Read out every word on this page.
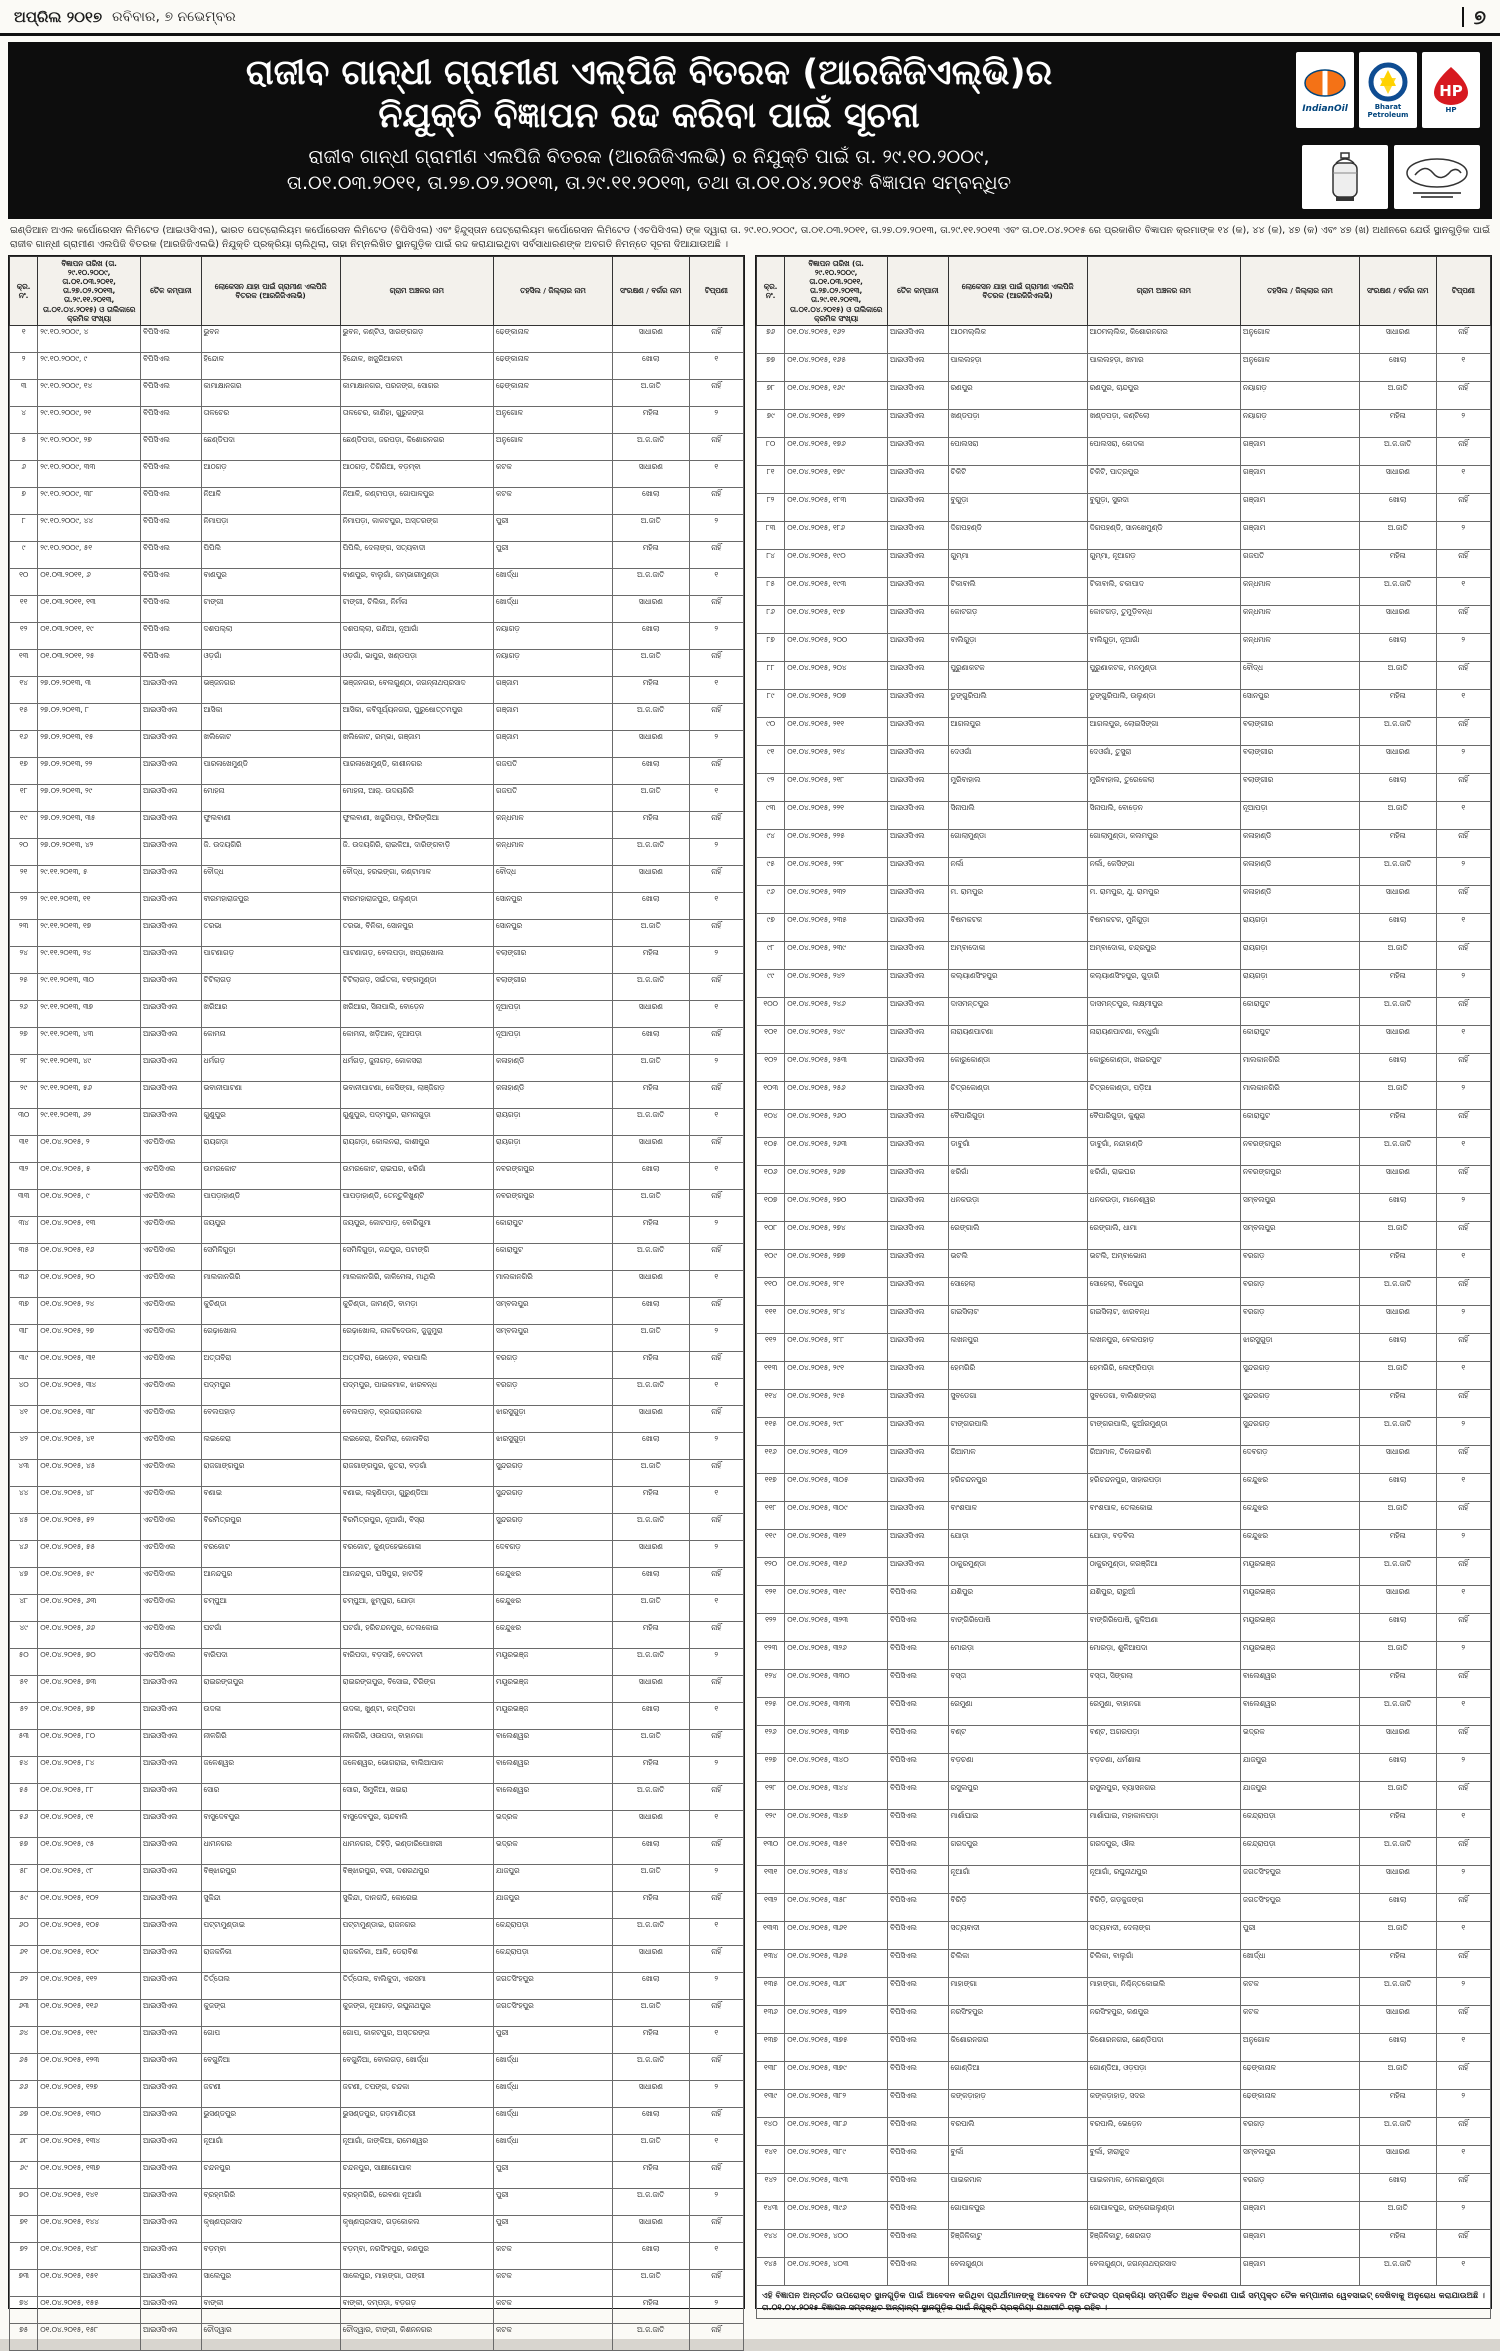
ଅପ୍ରିଲ ୨୦୧୭ ରବିବାର, ୭ ନଭେମ୍ବର	୭
ରାଜୀବ ଗାନ୍ଧୀ ଗ୍ରାମୀଣ ଏଲ୍‌ପିଜି ବିତରକ (ଆରଜିଜିଏଲ୍‌ଭି)ର
ନିଯୁକ୍ତି ବିଜ୍ଞାପନ ରଦ୍ଦ କରିବା ପାଇଁ ସୂଚନା	IndianOil	Bharat Petroleum
HP
HP
ରାଜୀବ ଗାନ୍ଧୀ ଗ୍ରାମୀଣ ଏଲପିଜି ବିତରକ (ଆରଜିଜିଏଲଭି) ର ନିଯୁକ୍ତି ପାଇଁ ତା. ୨୯.୧୦.୨୦୦୯,
ତା.୦୧.୦୩.୨୦୧୧, ତା.୨୭.୦୨.୨୦୧୩, ତା.୨୯.୧୧.୨୦୧୩, ତଥା ତା.୦୧.୦୪.୨୦୧୫ ବିଜ୍ଞାପନ ସମ୍ବନ୍ଧିତ
ଇଣ୍ଡିଆନ ଅଏଲ କର୍ପୋରେସନ ଲିମିଟେଡ (ଆଇଓସିଏଲ), ଭାରତ ପେଟ୍ରୋଲିୟମ କର୍ପୋରେସନ ଲିମିଟେଡ (ବିପିସିଏଲ) ଏବଂ ହିନ୍ଦୁସ୍ତାନ ପେଟ୍ରୋଲିୟମ କର୍ପୋରେସନ ଲିମିଟେଡ (ଏଚପିସିଏଲ) ଙ୍କ ଦ୍ୱାରା ତା. ୨୯.୧୦.୨୦୦୯, ତା.୦୧.୦୩.୨୦୧୧, ତା.୨୭.୦୨.୨୦୧୩, ତା.୨୯.୧୧.୨୦୧୩ ଏବଂ ତା.୦୧.୦୪.୨୦୧୫ ରେ ପ୍ରକାଶିତ ବିଜ୍ଞାପନ କ୍ରମାଙ୍କ ୧୪ (କ), ୪୪ (କ), ୪୭ (କ) ଏବଂ ୪୭ (ଖ) ଅଧୀନରେ ଯେଉଁ ସ୍ଥାନଗୁଡ଼ିକ ପାଇଁ ରାଜୀବ ଗାନ୍ଧୀ ଗ୍ରାମୀଣ ଏଲପିଜି ବିତରକ (ଆରଜିଜିଏଲଭି) ନିଯୁକ୍ତି ପ୍ରକ୍ରିୟା ଚାଲିଥିଲା, ତାହା ନିମ୍ନଲିଖିତ ସ୍ଥାନଗୁଡ଼ିକ ପାଇଁ ରଦ୍ଦ କରାଯାଇଥିବା ସର୍ବସାଧାରଣଙ୍କ ଅବଗତି ନିମନ୍ତେ ସୂଚନା ଦିଆଯାଉଅଛି ।
କ୍ର. ନଂ.	ବିଜ୍ଞାପନ ତାରିଖ (ତା. ୨୯.୧୦.୨୦୦୯, ତା.୦୧.୦୩.୨୦୧୧, ତା.୨୭.୦୨.୨୦୧୩, ତା.୨୯.୧୧.୨୦୧୩, ତା.୦୧.୦୪.୨୦୧୫) ଓ ତାଲିକାରେ କ୍ରମିକ ସଂଖ୍ୟା	ତୈଳ କମ୍ପାନୀ	ଲୋକେସନ ଯାହା ପାଇଁ ଗ୍ରାମୀଣ ଏଲପିଜି ବିତରକ (ଆରଜିଜିଏଲଭି)	ଗ୍ରାମ ଅଞ୍ଚଳର ନାମ	ତହସିଲ / ଜିଲ୍ଲାର ନାମ	ସଂରକ୍ଷଣ / ବର୍ଗର ନାମ	ଟିପ୍ପଣୀ
୧	୨୯.୧୦.୨୦୦୯, ୪	ବିପିସିଏଲ	ଭୁବନ	ଭୁବନ, କଣ୍ଟିଓ, ସାରଙ୍ଗଗଡ଼	ଢେଙ୍କାନାଳ	ସାଧାରଣ	ନାହିଁ
୨	୨୯.୧୦.୨୦୦୯, ୯	ବିପିସିଏଲ	ହିନ୍ଦୋଳ	ହିନ୍ଦୋଳ, ଖଜୁରିଆକଟା	ଢେଙ୍କାନାଳ	ଖୋଲା	୧
୩	୨୯.୧୦.୨୦୦୯, ୧୪	ବିପିସିଏଲ	କାମାକ୍ଷାନଗର	କାମାକ୍ଷାନଗର, ପରଜଙ୍ଗ, ସୋଗର	ଢେଙ୍କାନାଳ	ଅ.ଜାତି	ନାହିଁ
୪	୨୯.୧୦.୨୦୦୯, ୨୧	ବିପିସିଏଲ	ତାଳଚେର	ତାଳଚେର, କାଣିହା, ଗୁରୁଜଙ୍ଗ	ଅନୁଗୋଳ	ମହିଳା	୨
୫	୨୯.୧୦.୨୦୦୯, ୨୭	ବିପିସିଏଲ	ଛେଣ୍ଡିପଦା	ଛେଣ୍ଡିପଦା, ଜରପଡ଼ା, କିଶୋରନଗର	ଅନୁଗୋଳ	ଅ.ଜ.ଜାତି	ନାହିଁ
୬	୨୯.୧୦.୨୦୦୯, ୩୩	ବିପିସିଏଲ	ଆଠଗଡ଼	ଆଠଗଡ଼, ତିଗିରିଆ, ବଡ଼ମ୍ବା	କଟକ	ସାଧାରଣ	୧
୭	୨୯.୧୦.୨୦୦୯, ୩୮	ବିପିସିଏଲ	ନିଆଳି	ନିଆଳି, କଣ୍ଟାପଡ଼ା, ଗୋପାଳପୁର	କଟକ	ଖୋଲା	ନାହିଁ
୮	୨୯.୧୦.୨୦୦୯, ୪୪	ବିପିସିଏଲ	ନିମାପଡ଼ା	ନିମାପଡ଼ା, କାକଟପୁର, ଅସ୍ତରଙ୍ଗ	ପୁରୀ	ଅ.ଜାତି	୨
୯	୨୯.୧୦.୨୦୦୯, ୫୧	ବିପିସିଏଲ	ପିପିଲି	ପିପିଲି, ଦେଲାଙ୍ଗ, ସତ୍ୟବାଦୀ	ପୁରୀ	ମହିଳା	ନାହିଁ
୧୦	୦୧.୦୩.୨୦୧୧, ୬	ବିପିସିଏଲ	ବାଣପୁର	ବାଣପୁର, ବାଲୁଗାଁ, ଗମ୍ଭାରୀମୁଣ୍ଡା	ଖୋର୍ଦ୍ଧା	ଅ.ଜ.ଜାତି	୧
୧୧	୦୧.୦୩.୨୦୧୧, ୧୩	ବିପିସିଏଲ	ଟାଙ୍ଗୀ	ଟାଙ୍ଗୀ, ଚିଲିକା, ନିର୍ମଳା	ଖୋର୍ଦ୍ଧା	ସାଧାରଣ	ନାହିଁ
୧୨	୦୧.୦୩.୨୦୧୧, ୧୯	ବିପିସିଏଲ	ଦଶପଲ୍ଲା	ଦଶପଲ୍ଲା, ଗଣିଆ, ନୂଆଗାଁ	ନୟାଗଡ଼	ଖୋଲା	୨
୧୩	୦୧.୦୩.୨୦୧୧, ୨୫	ବିପିସିଏଲ	ଓଡ଼ଗାଁ	ଓଡ଼ଗାଁ, ଭାପୁର, ଖଣ୍ଡପଡ଼ା	ନୟାଗଡ଼	ଅ.ଜାତି	ନାହିଁ
୧୪	୨୭.୦୨.୨୦୧୩, ୩	ଆଇଓସିଏଲ	ଭଞ୍ଜନଗର	ଭଞ୍ଜନଗର, ବେଲଗୁଣ୍ଠା, ଜଗନ୍ନାଥପ୍ରସାଦ	ଗଞ୍ଜାମ	ମହିଳା	୧
୧୫	୨୭.୦୨.୨୦୧୩, ୮	ଆଇଓସିଏଲ	ଆସିକା	ଆସିକା, କବିସୂର୍ଯ୍ୟନଗର, ପୁରୁଷୋତ୍ତମପୁର	ଗଞ୍ଜାମ	ଅ.ଜ.ଜାତି	ନାହିଁ
୧୬	୨୭.୦୨.୨୦୧୩, ୧୫	ଆଇଓସିଏଲ	ଖଲିକୋଟ	ଖଲିକୋଟ, ରମ୍ଭା, ଗଞ୍ଜାମ	ଗଞ୍ଜାମ	ସାଧାରଣ	୨
୧୭	୨୭.୦୨.୨୦୧୩, ୨୨	ଆଇଓସିଏଲ	ପାରଳାଖେମୁଣ୍ଡି	ପାରଳାଖେମୁଣ୍ଡି, କାଶୀନଗର	ଗଜପତି	ଖୋଲା	ନାହିଁ
୧୮	୨୭.୦୨.୨୦୧୩, ୨୯	ଆଇଓସିଏଲ	ମୋହନା	ମୋହନା, ଆର୍. ଉଦୟଗିରି	ଗଜପତି	ଅ.ଜାତି	୧
୧୯	୨୭.୦୨.୨୦୧୩, ୩୫	ଆଇଓସିଏଲ	ଫୁଲବାଣୀ	ଫୁଲବାଣୀ, ଖଜୁରିପଡ଼ା, ଫିରିଙ୍ଗିଆ	କନ୍ଧମାଳ	ମହିଳା	ନାହିଁ
୨୦	୨୭.୦୨.୨୦୧୩, ୪୨	ଆଇଓସିଏଲ	ଜି. ଉଦୟଗିରି	ଜି. ଉଦୟଗିରି, ରାଇକିଆ, ଦାରିଙ୍ଗବାଡ଼ି	କନ୍ଧମାଳ	ଅ.ଜ.ଜାତି	୨
୨୧	୨୯.୧୧.୨୦୧୩, ୫	ଆଇଓସିଏଲ	ବୌଦ୍ଧ	ବୌଦ୍ଧ, ହରଭଙ୍ଗା, କଣ୍ଟାମାଳ	ବୌଦ୍ଧ	ସାଧାରଣ	ନାହିଁ
୨୨	୨୯.୧୧.୨୦୧୩, ୧୧	ଆଇଓସିଏଲ	ବୀରମହାରାଜପୁର	ବୀରମହାରାଜପୁର, ଉଲୁଣ୍ଡା	ସୋନପୁର	ଖୋଲା	୧
୨୩	୨୯.୧୧.୨୦୧୩, ୧୭	ଆଇଓସିଏଲ	ତରଭା	ତରଭା, ବିନିକା, ସୋନପୁର	ସୋନପୁର	ଅ.ଜାତି	ନାହିଁ
୨୪	୨୯.୧୧.୨୦୧୩, ୨୪	ଆଇଓସିଏଲ	ପାଟଣାଗଡ଼	ପାଟଣାଗଡ଼, ବେଲପଡ଼ା, ଖପ୍ରାଖୋଲ	ବଲାଙ୍ଗୀର	ମହିଳା	୨
୨୫	୨୯.୧୧.୨୦୧୩, ୩୦	ଆଇଓସିଏଲ	ଟିଟିଲାଗଡ଼	ଟିଟିଲାଗଡ଼, ସଇଁତଳା, ବଙ୍ଗମୁଣ୍ଡା	ବଲାଙ୍ଗୀର	ଅ.ଜ.ଜାତି	ନାହିଁ
୨୬	୨୯.୧୧.୨୦୧୩, ୩୭	ଆଇଓସିଏଲ	ଖରିଆର	ଖରିଆର, ସିନାପାଲି, ବୋଡ଼େନ	ନୂଆପଡ଼ା	ସାଧାରଣ	୧
୨୭	୨୯.୧୧.୨୦୧୩, ୪୩	ଆଇଓସିଏଲ	କୋମନା	କୋମନା, ଖଡ଼ିଆଳ, ନୂଆପଡ଼ା	ନୂଆପଡ଼ା	ଖୋଲା	ନାହିଁ
୨୮	୨୯.୧୧.୨୦୧୩, ୪୯	ଆଇଓସିଏଲ	ଧର୍ମଗଡ଼	ଧର୍ମଗଡ଼, ଜୁନାଗଡ଼, କୋକସରା	କଳାହାଣ୍ଡି	ଅ.ଜାତି	୨
୨୯	୨୯.୧୧.୨୦୧୩, ୫୬	ଆଇଓସିଏଲ	ଭବାନୀପାଟଣା	ଭବାନୀପାଟଣା, କେସିଙ୍ଗା, ଲାଞ୍ଜିଗଡ଼	କଳାହାଣ୍ଡି	ମହିଳା	ନାହିଁ
୩୦	୨୯.୧୧.୨୦୧୩, ୬୨	ଆଇଓସିଏଲ	ଗୁଣୁପୁର	ଗୁଣୁପୁର, ପଦ୍ମପୁର, ରାମନାଗୁଡ଼ା	ରାୟଗଡ଼ା	ଅ.ଜ.ଜାତି	୧
୩୧	୦୧.୦୪.୨୦୧୫, ୨	ଏଚପିସିଏଲ	ରାୟଗଡ଼ା	ରାୟଗଡ଼ା, କୋଲନରା, କାଶୀପୁର	ରାୟଗଡ଼ା	ସାଧାରଣ	ନାହିଁ
୩୨	୦୧.୦୪.୨୦୧୫, ୫	ଏଚପିସିଏଲ	ଉମରକୋଟ	ଉମରକୋଟ, ରାଇଘର, ଝରିଗାଁ	ନବରଙ୍ଗପୁର	ଖୋଲା	୧
୩୩	୦୧.୦୪.୨୦୧୫, ୯	ଏଚପିସିଏଲ	ପାପଡ଼ାହାଣ୍ଡି	ପାପଡ଼ାହାଣ୍ଡି, ତେନ୍ତୁଳିଖୁଣ୍ଟି	ନବରଙ୍ଗପୁର	ଅ.ଜାତି	ନାହିଁ
୩୪	୦୧.୦୪.୨୦୧୫, ୧୩	ଏଚପିସିଏଲ	ଜୟପୁର	ଜୟପୁର, କୋଟପାଡ଼, ବୋରିଗୁମା	କୋରାପୁଟ	ମହିଳା	୨
୩୫	୦୧.୦୪.୨୦୧୫, ୧୬	ଏଚପିସିଏଲ	ସେମିଳିଗୁଡ଼ା	ସେମିଳିଗୁଡ଼ା, ନନ୍ଦପୁର, ପଟାଙ୍ଗି	କୋରାପୁଟ	ଅ.ଜ.ଜାତି	ନାହିଁ
୩୬	୦୧.୦୪.୨୦୧୫, ୨୦	ଏଚପିସିଏଲ	ମାଲକାନଗିରି	ମାଲକାନଗିରି, କାଳିମେଳା, ମାଥିଲି	ମାଲକାନଗିରି	ସାଧାରଣ	୧
୩୭	୦୧.୦୪.୨୦୧୫, ୨୪	ଏଚପିସିଏଲ	କୁଚିଣ୍ଡା	କୁଚିଣ୍ଡା, ଜାମଣ୍ଡି, ବାମଡ଼ା	ସମ୍ବଲପୁର	ଖୋଲା	ନାହିଁ
୩୮	୦୧.୦୪.୨୦୧୫, ୨୭	ଏଚପିସିଏଲ	ରେଢ଼ାଖୋଲ	ରେଢ଼ାଖୋଲ, ନାକଟିଦେଉଳ, ଜୁଜୁମୁରା	ସମ୍ବଲପୁର	ଅ.ଜାତି	୨
୩୯	୦୧.୦୪.୨୦୧୫, ୩୧	ଏଚପିସିଏଲ	ଅତ୍ତାବିରା	ଅତ୍ତାବିରା, ଭେଡ଼େନ, ବରପାଲି	ବରଗଡ଼	ମହିଳା	ନାହିଁ
୪୦	୦୧.୦୪.୨୦୧୫, ୩୪	ଏଚପିସିଏଲ	ପଦ୍ମପୁର	ପଦ୍ମପୁର, ପାଇକମାଳ, ଝାରବନ୍ଧ	ବରଗଡ଼	ଅ.ଜ.ଜାତି	୧
୪୧	୦୧.୦୪.୨୦୧୫, ୩୮	ଏଚପିସିଏଲ	ବେଲପହାଡ଼	ବେଲପହାଡ଼, ବ୍ରଜରାଜନଗର	ଝାରସୁଗୁଡ଼ା	ସାଧାରଣ	ନାହିଁ
୪୨	୦୧.୦୪.୨୦୧୫, ୪୧	ଏଚପିସିଏଲ	ଲଇକେରା	ଲଇକେରା, କିରମିରା, କୋଳାବିରା	ଝାରସୁଗୁଡ଼ା	ଖୋଲା	୨
୪୩	୦୧.୦୪.୨୦୧୫, ୪୫	ଏଚପିସିଏଲ	ରାଜଗାଙ୍ଗପୁର	ରାଜଗାଙ୍ଗପୁର, କୁତରା, ବଡ଼ଗାଁ	ସୁନ୍ଦରଗଡ଼	ଅ.ଜାତି	ନାହିଁ
୪୪	୦୧.୦୪.୨୦୧୫, ୪୮	ଏଚପିସିଏଲ	ବଣାଇ	ବଣାଇ, ଲହୁଣିପଡ଼ା, ଗୁରୁଣ୍ଡିଆ	ସୁନ୍ଦରଗଡ଼	ମହିଳା	୧
୪୫	୦୧.୦୪.୨୦୧୫, ୫୨	ଏଚପିସିଏଲ	ବିରମିତ୍ରପୁର	ବିରମିତ୍ରପୁର, ନୂଆଗାଁ, ବିସ୍ରା	ସୁନ୍ଦରଗଡ଼	ଅ.ଜ.ଜାତି	ନାହିଁ
୪୬	୦୧.୦୪.୨୦୧୫, ୫୫	ଏଚପିସିଏଲ	ବରକୋଟ	ବରକୋଟ, କୁଣ୍ଡହେଇଗୋଳା	ଦେବଗଡ଼	ସାଧାରଣ	୨
୪୭	୦୧.୦୪.୨୦୧୫, ୫୯	ଏଚପିସିଏଲ	ଆନନ୍ଦପୁର	ଆନନ୍ଦପୁର, ଘସିପୁରା, ହାଟଡିହି	କେନ୍ଦୁଝର	ଖୋଲା	ନାହିଁ
୪୮	୦୧.୦୪.୨୦୧୫, ୬୩	ଏଚପିସିଏଲ	ଚମ୍ପୁଆ	ଚମ୍ପୁଆ, ଝୁମ୍ପୁରା, ଯୋଡ଼ା	କେନ୍ଦୁଝର	ଅ.ଜାତି	୧
୪୯	୦୧.୦୪.୨୦୧୫, ୬୬	ଏଚପିସିଏଲ	ଘଟଗାଁ	ଘଟଗାଁ, ହରିଚନ୍ଦନପୁର, ତେଲକୋଇ	କେନ୍ଦୁଝର	ମହିଳା	ନାହିଁ
୫୦	୦୧.୦୪.୨୦୧୫, ୭୦	ଏଚପିସିଏଲ	ବାରିପଦା	ବାରିପଦା, ବଡ଼ସାହି, ବେତନଟୀ	ମୟୂରଭଞ୍ଜ	ଅ.ଜ.ଜାତି	୨
୫୧	୦୧.୦୪.୨୦୧୫, ୭୩	ଆଇଓସିଏଲ	ରାଇରଙ୍ଗପୁର	ରାଇରଙ୍ଗପୁର, ବିସୋଇ, ଟିରିଙ୍ଗ	ମୟୂରଭଞ୍ଜ	ସାଧାରଣ	ନାହିଁ
୫୨	୦୧.୦୪.୨୦୧୫, ୭୭	ଆଇଓସିଏଲ	ଉଦଳା	ଉଦଳା, ଖୁଣ୍ଟା, କପ୍ତିପଦା	ମୟୂରଭଞ୍ଜ	ଖୋଲା	୧
୫୩	୦୧.୦୪.୨୦୧୫, ୮୦	ଆଇଓସିଏଲ	ନୀଳଗିରି	ନୀଳଗିରି, ଓଉପଦା, ବାହାନଗା	ବାଲେଶ୍ୱର	ଅ.ଜାତି	ନାହିଁ
୫୪	୦୧.୦୪.୨୦୧୫, ୮୪	ଆଇଓସିଏଲ	ଜଳେଶ୍ୱର	ଜଳେଶ୍ୱର, ଭୋଗରାଇ, ବାଲିଆପାଳ	ବାଲେଶ୍ୱର	ମହିଳା	୨
୫୫	୦୧.୦୪.୨୦୧୫, ୮୮	ଆଇଓସିଏଲ	ସୋର	ସୋର, ସିମୁଳିଆ, ଖଇରା	ବାଲେଶ୍ୱର	ଅ.ଜ.ଜାତି	ନାହିଁ
୫୬	୦୧.୦୪.୨୦୧୫, ୯୧	ଆଇଓସିଏଲ	ବାସୁଦେବପୁର	ବାସୁଦେବପୁର, ଚାନ୍ଦବାଲି	ଭଦ୍ରକ	ସାଧାରଣ	୧
୫୭	୦୧.୦୪.୨୦୧୫, ୯୫	ଆଇଓସିଏଲ	ଧାମନଗର	ଧାମନଗର, ତିହିଡ଼ି, ଭଣ୍ଡାରିପୋଖରୀ	ଭଦ୍ରକ	ଖୋଲା	ନାହିଁ
୫୮	୦୧.୦୪.୨୦୧୫, ୯୮	ଆଇଓସିଏଲ	ବିଞ୍ଝାରପୁର	ବିଞ୍ଝାରପୁର, ବରୀ, ଦଶରଥପୁର	ଯାଜପୁର	ଅ.ଜାତି	୨
୫୯	୦୧.୦୪.୨୦୧୫, ୧୦୨	ଆଇଓସିଏଲ	ସୁକିନ୍ଦା	ସୁକିନ୍ଦା, ଦାନଗଦି, କୋରେଇ	ଯାଜପୁର	ମହିଳା	ନାହିଁ
୬୦	୦୧.୦୪.୨୦୧୫, ୧୦୫	ଆଇଓସିଏଲ	ପଟ୍ଟାମୁଣ୍ଡାଇ	ପଟ୍ଟାମୁଣ୍ଡାଇ, ରାଜନଗର	କେନ୍ଦ୍ରାପଡ଼ା	ଅ.ଜ.ଜାତି	୧
୬୧	୦୧.୦୪.୨୦୧୫, ୧୦୯	ଆଇଓସିଏଲ	ରାଜକନିକା	ରାଜକନିକା, ଆଳି, ଡେରାବିଶ	କେନ୍ଦ୍ରାପଡ଼ା	ସାଧାରଣ	ନାହିଁ
୬୨	୦୧.୦୪.୨୦୧୫, ୧୧୨	ଆଇଓସିଏଲ	ତିର୍ତ୍ତୋଲ	ତିର୍ତ୍ତୋଲ, ବାଲିକୁଦା, ଏରସମା	ଜଗତସିଂହପୁର	ଖୋଲା	୨
୬୩	୦୧.୦୪.୨୦୧୫, ୧୧୬	ଆଇଓସିଏଲ	କୁଜଙ୍ଗ	କୁଜଙ୍ଗ, ନୂଆଗଡ଼, ରଘୁନାଥପୁର	ଜଗତସିଂହପୁର	ଅ.ଜାତି	ନାହିଁ
୬୪	୦୧.୦୪.୨୦୧୫, ୧୧୯	ଆଇଓସିଏଲ	ଗୋପ	ଗୋପ, କାକଟପୁର, ଅସ୍ତରଙ୍ଗ	ପୁରୀ	ମହିଳା	୧
୬୫	୦୧.୦୪.୨୦୧୫, ୧୨୩	ଆଇଓସିଏଲ	ବେଗୁନିଆ	ବେଗୁନିଆ, ବୋଲଗଡ଼, ଖୋର୍ଦ୍ଧା	ଖୋର୍ଦ୍ଧା	ଅ.ଜ.ଜାତି	ନାହିଁ
୬୬	୦୧.୦୪.୨୦୧୫, ୧୨୭	ଆଇଓସିଏଲ	ଜଟଣୀ	ଜଟଣୀ, ତପଙ୍ଗ, ଚନ୍ଦକା	ଖୋର୍ଦ୍ଧା	ସାଧାରଣ	୨
୬୭	୦୧.୦୪.୨୦୧୫, ୧୩୦	ଆଇଓସିଏଲ	ଭୁସଣ୍ଡପୁର	ଭୁସଣ୍ଡପୁର, ଗଡ଼ମାଣିତ୍ରୀ	ଖୋର୍ଦ୍ଧା	ଖୋଲା	ନାହିଁ
୬୮	୦୧.୦୪.୨୦୧୫, ୧୩୪	ଆଇଓସିଏଲ	ନୂଆଗାଁ	ନୂଆଗାଁ, ଜାଙ୍କିଆ, ରାମେଶ୍ୱର	ଖୋର୍ଦ୍ଧା	ଅ.ଜାତି	୧
୬୯	୦୧.୦୪.୨୦୧୫, ୧୩୭	ଆଇଓସିଏଲ	ଚନ୍ଦନପୁର	ଚନ୍ଦନପୁର, ସାକ୍ଷୀଗୋପାଳ	ପୁରୀ	ମହିଳା	ନାହିଁ
୭୦	୦୧.୦୪.୨୦୧୫, ୧୪୧	ଆଇଓସିଏଲ	ବ୍ରହ୍ମଗିରି	ବ୍ରହ୍ମଗିରି, ରେବଣା ନୂଆଗାଁ	ପୁରୀ	ଅ.ଜ.ଜାତି	୨
୭୧	୦୧.୦୪.୨୦୧୫, ୧୪୪	ଆଇଓସିଏଲ	କୃଷ୍ଣପ୍ରସାଦ	କୃଷ୍ଣପ୍ରସାଦ, ଗଡ଼କୋକଲ	ପୁରୀ	ସାଧାରଣ	ନାହିଁ
୭୨	୦୧.୦୪.୨୦୧୫, ୧୪୮	ଆଇଓସିଏଲ	ବଡ଼ମ୍ବା	ବଡ଼ମ୍ବା, ନରସିଂହପୁର, କଣପୁର	କଟକ	ଖୋଲା	୧
୭୩	୦୧.୦୪.୨୦୧୫, ୧୫୧	ଆଇଓସିଏଲ	ସାଲେପୁର	ସାଲେପୁର, ମାହାଙ୍ଗା, ତାଙ୍ଗୀ	କଟକ	ଅ.ଜାତି	ନାହିଁ
୭୪	୦୧.୦୪.୨୦୧୫, ୧୫୫	ଆଇଓସିଏଲ	ବାଙ୍କୀ	ବାଙ୍କୀ, ଦମ୍ପଡ଼ା, ବଡ଼ଗଡ଼	କଟକ	ମହିଳା	୨
୭୫	୦୧.୦୪.୨୦୧୫, ୧୫୮	ଆଇଓସିଏଲ	ଚୌଦ୍ୱାର	ଚୌଦ୍ୱାର, ଟାଙ୍ଗୀ, କିଶନନଗର	କଟକ	ଅ.ଜ.ଜାତି	ନାହିଁ
କ୍ର. ନଂ.	ବିଜ୍ଞାପନ ତାରିଖ (ତା. ୨୯.୧୦.୨୦୦୯, ତା.୦୧.୦୩.୨୦୧୧, ତା.୨୭.୦୨.୨୦୧୩, ତା.୨୯.୧୧.୨୦୧୩, ତା.୦୧.୦୪.୨୦୧୫) ଓ ତାଲିକାରେ କ୍ରମିକ ସଂଖ୍ୟା	ତୈଳ କମ୍ପାନୀ	ଲୋକେସନ ଯାହା ପାଇଁ ଗ୍ରାମୀଣ ଏଲପିଜି ବିତରକ (ଆରଜିଜିଏଲଭି)	ଗ୍ରାମ ଅଞ୍ଚଳର ନାମ	ତହସିଲ / ଜିଲ୍ଲାର ନାମ	ସଂରକ୍ଷଣ / ବର୍ଗର ନାମ	ଟିପ୍ପଣୀ
୭୬	୦୧.୦୪.୨୦୧୫, ୧୬୨	ଆଇଓସିଏଲ	ଆଠମଲ୍ଲିକ	ଆଠମଲ୍ଲିକ, କିଶୋରନଗର	ଅନୁଗୋଳ	ସାଧାରଣ	ନାହିଁ
୭୭	୦୧.୦୪.୨୦୧୫, ୧୬୫	ଆଇଓସିଏଲ	ପାଲଲହଡ଼ା	ପାଲଲହଡ଼ା, ଖମାର	ଅନୁଗୋଳ	ଖୋଲା	୧
୭୮	୦୧.୦୪.୨୦୧୫, ୧୬୯	ଆଇଓସିଏଲ	ରଣପୁର	ରଣପୁର, ଚାନ୍ଦପୁର	ନୟାଗଡ଼	ଅ.ଜାତି	ନାହିଁ
୭୯	୦୧.୦୪.୨୦୧୫, ୧୭୨	ଆଇଓସିଏଲ	ଖଣ୍ଡପଡ଼ା	ଖଣ୍ଡପଡ଼ା, କଣ୍ଟିଲୋ	ନୟାଗଡ଼	ମହିଳା	୨
୮୦	୦୧.୦୪.୨୦୧୫, ୧୭୬	ଆଇଓସିଏଲ	ପୋଲସରା	ପୋଲସରା, କୋଦଳା	ଗଞ୍ଜାମ	ଅ.ଜ.ଜାତି	ନାହିଁ
୮୧	୦୧.୦୪.୨୦୧୫, ୧୭୯	ଆଇଓସିଏଲ	ଚିକିଟି	ଚିକିଟି, ପାତ୍ରପୁର	ଗଞ୍ଜାମ	ସାଧାରଣ	୧
୮୨	୦୧.୦୪.୨୦୧୫, ୧୮୩	ଆଇଓସିଏଲ	ବୁଗୁଡ଼ା	ବୁଗୁଡ଼ା, ସୁରଦା	ଗଞ୍ଜାମ	ଖୋଲା	ନାହିଁ
୮୩	୦୧.୦୪.୨୦୧୫, ୧୮୬	ଆଇଓସିଏଲ	ଦିଗପହଣ୍ଡି	ଦିଗପହଣ୍ଡି, ସାନଖେମୁଣ୍ଡି	ଗଞ୍ଜାମ	ଅ.ଜାତି	୨
୮୪	୦୧.୦୪.୨୦୧୫, ୧୯୦	ଆଇଓସିଏଲ	ଗୁମ୍ମା	ଗୁମ୍ମା, ନୂଆଗଡ଼	ଗଜପତି	ମହିଳା	ନାହିଁ
୮୫	୦୧.୦୪.୨୦୧୫, ୧୯୩	ଆଇଓସିଏଲ	ଟିକାବାଲି	ଟିକାବାଲି, ଚକାପାଦ	କନ୍ଧମାଳ	ଅ.ଜ.ଜାତି	୧
୮୬	୦୧.୦୪.୨୦୧୫, ୧୯୭	ଆଇଓସିଏଲ	କୋଟଗଡ଼	କୋଟଗଡ଼, ତୁମୁଡ଼ିବନ୍ଧ	କନ୍ଧମାଳ	ସାଧାରଣ	ନାହିଁ
୮୭	୦୧.୦୪.୨୦୧୫, ୨୦୦	ଆଇଓସିଏଲ	ବାଲିଗୁଡ଼ା	ବାଲିଗୁଡ଼ା, ନୂଆଗାଁ	କନ୍ଧମାଳ	ଖୋଲା	୨
୮୮	୦୧.୦୪.୨୦୧୫, ୨୦୪	ଆଇଓସିଏଲ	ପୁରୁଣାକଟକ	ପୁରୁଣାକଟକ, ମନମୁଣ୍ଡା	ବୌଦ୍ଧ	ଅ.ଜାତି	ନାହିଁ
୮୯	୦୧.୦୪.୨୦୧୫, ୨୦୭	ଆଇଓସିଏଲ	ଡୁଙ୍ଗୁରିପାଲି	ଡୁଙ୍ଗୁରିପାଲି, ଉଲୁଣ୍ଡା	ସୋନପୁର	ମହିଳା	୧
୯୦	୦୧.୦୪.୨୦୧୫, ୨୧୧	ଆଇଓସିଏଲ	ଆଗଲପୁର	ଆଗଲପୁର, ଲୋଇସିଙ୍ଗା	ବଲାଙ୍ଗୀର	ଅ.ଜ.ଜାତି	ନାହିଁ
୯୧	୦୧.୦୪.୨୦୧୫, ୨୧୪	ଆଇଓସିଏଲ	ଦେଓଗାଁ	ଦେଓଗାଁ, ତୁସୁରା	ବଲାଙ୍ଗୀର	ସାଧାରଣ	୨
୯୨	୦୧.୦୪.୨୦୧୫, ୨୧୮	ଆଇଓସିଏଲ	ମୁରିବାହାଲ	ମୁରିବାହାଲ, ତୁରେକେଲା	ବଲାଙ୍ଗୀର	ଖୋଲା	ନାହିଁ
୯୩	୦୧.୦୪.୨୦୧୫, ୨୨୧	ଆଇଓସିଏଲ	ସିନାପାଲି	ସିନାପାଲି, ବୋଡ଼େନ	ନୂଆପଡ଼ା	ଅ.ଜାତି	୧
୯୪	୦୧.୦୪.୨୦୧୫, ୨୨୫	ଆଇଓସିଏଲ	ଗୋଲାମୁଣ୍ଡା	ଗୋଲାମୁଣ୍ଡା, କଲମପୁର	କଳାହାଣ୍ଡି	ମହିଳା	ନାହିଁ
୯୫	୦୧.୦୪.୨୦୧୫, ୨୨୮	ଆଇଓସିଏଲ	ନର୍ଲା	ନର୍ଲା, କେସିଙ୍ଗା	କଳାହାଣ୍ଡି	ଅ.ଜ.ଜାତି	୨
୯୬	୦୧.୦୪.୨୦୧୫, ୨୩୨	ଆଇଓସିଏଲ	ମ. ରାମପୁର	ମ. ରାମପୁର, ଥୁ. ରାମପୁର	କଳାହାଣ୍ଡି	ସାଧାରଣ	ନାହିଁ
୯୭	୦୧.୦୪.୨୦୧୫, ୨୩୫	ଆଇଓସିଏଲ	ବିଷମକଟକ	ବିଷମକଟକ, ମୁନିଗୁଡ଼ା	ରାୟଗଡ଼ା	ଖୋଲା	୧
୯୮	୦୧.୦୪.୨୦୧୫, ୨୩୯	ଆଇଓସିଏଲ	ଅମ୍ବାଦୋଳା	ଅମ୍ବାଦୋଳା, ଚନ୍ଦ୍ରପୁର	ରାୟଗଡ଼ା	ଅ.ଜାତି	ନାହିଁ
୯୯	୦୧.୦୪.୨୦୧୫, ୨୪୨	ଆଇଓସିଏଲ	କଲ୍ୟାଣସିଂହପୁର	କଲ୍ୟାଣସିଂହପୁର, ଗୁଡ଼ାରି	ରାୟଗଡ଼ା	ମହିଳା	୨
୧୦୦	୦୧.୦୪.୨୦୧୫, ୨୪୬	ଆଇଓସିଏଲ	ଦାସମନ୍ତପୁର	ଦାସମନ୍ତପୁର, ଲକ୍ଷ୍ମୀପୁର	କୋରାପୁଟ	ଅ.ଜ.ଜାତି	ନାହିଁ
୧୦୧	୦୧.୦୪.୨୦୧୫, ୨୪୯	ଆଇଓସିଏଲ	ନାରାୟଣପାଟଣା	ନାରାୟଣପାଟଣା, ବନ୍ଧୁଗାଁ	କୋରାପୁଟ	ସାଧାରଣ	୧
୧୦୨	୦୧.୦୪.୨୦୧୫, ୨୫୩	ଆଇଓସିଏଲ	କୋରୁକୋଣ୍ଡା	କୋରୁକୋଣ୍ଡା, ଖଇରପୁଟ	ମାଲକାନଗିରି	ଖୋଲା	ନାହିଁ
୧୦୩	୦୧.୦୪.୨୦୧୫, ୨୫୬	ଆଇଓସିଏଲ	ଚିତ୍ରକୋଣ୍ଡା	ଚିତ୍ରକୋଣ୍ଡା, ପଡ଼ିଆ	ମାଲକାନଗିରି	ଅ.ଜାତି	୨
୧୦୪	୦୧.୦୪.୨୦୧୫, ୨୬୦	ଆଇଓସିଏଲ	ବୈପାରିଗୁଡ଼ା	ବୈପାରିଗୁଡ଼ା, କୁଣ୍ଡ୍ରା	କୋରାପୁଟ	ମହିଳା	ନାହିଁ
୧୦୫	୦୧.୦୪.୨୦୧୫, ୨୬୩	ଆଇଓସିଏଲ	ଡାବୁଗାଁ	ଡାବୁଗାଁ, ନନ୍ଦାହାଣ୍ଡି	ନବରଙ୍ଗପୁର	ଅ.ଜ.ଜାତି	୧
୧୦୬	୦୧.୦୪.୨୦୧୫, ୨୬୭	ଆଇଓସିଏଲ	ଝରିଗାଁ	ଝରିଗାଁ, ରାଇଘର	ନବରଙ୍ଗପୁର	ସାଧାରଣ	ନାହିଁ
୧୦୭	୦୧.୦୪.୨୦୧୫, ୨୭୦	ଆଇଓସିଏଲ	ଧନକଉଡ଼ା	ଧନକଉଡ଼ା, ମାନେଶ୍ୱର	ସମ୍ବଲପୁର	ଖୋଲା	୨
୧୦୮	୦୧.୦୪.୨୦୧୫, ୨୭୪	ଆଇଓସିଏଲ	ରେଙ୍ଗାଲି	ରେଙ୍ଗାଲି, ଧାମା	ସମ୍ବଲପୁର	ଅ.ଜାତି	ନାହିଁ
୧୦୯	୦୧.୦୪.୨୦୧୫, ୨୭୭	ଆଇଓସିଏଲ	ଭଟଲି	ଭଟଲି, ଅମ୍ବାଭୋନା	ବରଗଡ଼	ମହିଳା	୧
୧୧୦	୦୧.୦୪.୨୦୧୫, ୨୮୧	ଆଇଓସିଏଲ	ସୋହେଲା	ସୋହେଲା, ବିଜେପୁର	ବରଗଡ଼	ଅ.ଜ.ଜାତି	ନାହିଁ
୧୧୧	୦୧.୦୪.୨୦୧୫, ୨୮୪	ଆଇଓସିଏଲ	ଗଇସିଲାଟ	ଗଇସିଲାଟ, ଝାରବନ୍ଧ	ବରଗଡ଼	ସାଧାରଣ	୨
୧୧୨	୦୧.୦୪.୨୦୧୫, ୨୮୮	ଆଇଓସିଏଲ	ଲଖନପୁର	ଲଖନପୁର, ବେଲପହାଡ଼	ଝାରସୁଗୁଡ଼ା	ଖୋଲା	ନାହିଁ
୧୧୩	୦୧.୦୪.୨୦୧୫, ୨୯୧	ଆଇଓସିଏଲ	ହେମଗିରି	ହେମଗିରି, ଲେଫ୍ରିପଡ଼ା	ସୁନ୍ଦରଗଡ଼	ଅ.ଜାତି	୧
୧୧୪	୦୧.୦୪.୨୦୧୫, ୨୯୫	ଆଇଓସିଏଲ	ସୁବଡେଗା	ସୁବଡେଗା, ବାଲିଶଙ୍କରା	ସୁନ୍ଦରଗଡ଼	ମହିଳା	ନାହିଁ
୧୧୫	୦୧.୦୪.୨୦୧୫, ୨୯୮	ଆଇଓସିଏଲ	ଟାଙ୍ଗରପାଲି	ଟାଙ୍ଗରପାଲି, କୁଆଁରମୁଣ୍ଡା	ସୁନ୍ଦରଗଡ଼	ଅ.ଜ.ଜାତି	୨
୧୧୬	୦୧.୦୪.୨୦୧୫, ୩୦୨	ଆଇଓସିଏଲ	ରିଆମାଳ	ରିଆମାଳ, ତିଲେଇବଣି	ଦେବଗଡ଼	ସାଧାରଣ	ନାହିଁ
୧୧୭	୦୧.୦୪.୨୦୧୫, ୩୦୫	ଆଇଓସିଏଲ	ହରିଚନ୍ଦନପୁର	ହରିଚନ୍ଦନପୁର, ସାହାରପଡ଼ା	କେନ୍ଦୁଝର	ଖୋଲା	୧
୧୧୮	୦୧.୦୪.୨୦୧୫, ୩୦୯	ଆଇଓସିଏଲ	ବାଂଶପାଳ	ବାଂଶପାଳ, ତେଲକୋଇ	କେନ୍ଦୁଝର	ଅ.ଜାତି	ନାହିଁ
୧୧୯	୦୧.୦୪.୨୦୧୫, ୩୧୨	ଆଇଓସିଏଲ	ଯୋଡ଼ା	ଯୋଡ଼ା, ବଡ଼ବିଲ	କେନ୍ଦୁଝର	ମହିଳା	୨
୧୨୦	୦୧.୦୪.୨୦୧୫, ୩୧୬	ଆଇଓସିଏଲ	ଠାକୁରମୁଣ୍ଡା	ଠାକୁରମୁଣ୍ଡା, କରଞ୍ଜିଆ	ମୟୂରଭଞ୍ଜ	ଅ.ଜ.ଜାତି	ନାହିଁ
୧୨୧	୦୧.୦୪.୨୦୧୫, ୩୧୯	ବିପିସିଏଲ	ଯଶିପୁର	ଯଶିପୁର, ରାରୁଆଁ	ମୟୂରଭଞ୍ଜ	ସାଧାରଣ	୧
୧୨୨	୦୧.୦୪.୨୦୧୫, ୩୨୩	ବିପିସିଏଲ	ବାଙ୍ଗିରିପୋଷି	ବାଙ୍ଗିରିପୋଷି, କୁଳିଅଣା	ମୟୂରଭଞ୍ଜ	ଖୋଲା	ନାହିଁ
୧୨୩	୦୧.୦୪.୨୦୧୫, ୩୨୬	ବିପିସିଏଲ	ମୋରଡ଼ା	ମୋରଡ଼ା, ଶୁଳିଆପଦା	ମୟୂରଭଞ୍ଜ	ଅ.ଜାତି	୨
୧୨୪	୦୧.୦୪.୨୦୧୫, ୩୩୦	ବିପିସିଏଲ	ବସ୍ତା	ବସ୍ତା, ସିଙ୍ଗଲା	ବାଲେଶ୍ୱର	ମହିଳା	ନାହିଁ
୧୨୫	୦୧.୦୪.୨୦୧୫, ୩୩୩	ବିପିସିଏଲ	ରେମୁଣା	ରେମୁଣା, ବାହାନଗା	ବାଲେଶ୍ୱର	ଅ.ଜ.ଜାତି	୧
୧୨୬	୦୧.୦୪.୨୦୧୫, ୩୩୭	ବିପିସିଏଲ	ବଣ୍ଟ	ବଣ୍ଟ, ଅଗରପଡ଼ା	ଭଦ୍ରକ	ସାଧାରଣ	ନାହିଁ
୧୨୭	୦୧.୦୪.୨୦୧୫, ୩୪୦	ବିପିସିଏଲ	ବଡ଼ଚଣା	ବଡ଼ଚଣା, ଧର୍ମଶାଳା	ଯାଜପୁର	ଖୋଲା	୨
୧୨୮	୦୧.୦୪.୨୦୧୫, ୩୪୪	ବିପିସିଏଲ	ରସୁଲପୁର	ରସୁଲପୁର, ବ୍ୟାସନଗର	ଯାଜପୁର	ଅ.ଜାତି	ନାହିଁ
୧୨୯	୦୧.୦୪.୨୦୧୫, ୩୪୭	ବିପିସିଏଲ	ମାର୍ଶାଘାଇ	ମାର୍ଶାଘାଇ, ମହାକାଳପଡ଼ା	କେନ୍ଦ୍ରାପଡ଼ା	ମହିଳା	୧
୧୩୦	୦୧.୦୪.୨୦୧୫, ୩୫୧	ବିପିସିଏଲ	ଗରଦପୁର	ଗରଦପୁର, ଔଲ	କେନ୍ଦ୍ରାପଡ଼ା	ଅ.ଜ.ଜାତି	ନାହିଁ
୧୩୧	୦୧.୦୪.୨୦୧୫, ୩୫୪	ବିପିସିଏଲ	ନୂଆଗାଁ	ନୂଆଗାଁ, ରଘୁନାଥପୁର	ଜଗତସିଂହପୁର	ସାଧାରଣ	୨
୧୩୨	୦୧.୦୪.୨୦୧୫, ୩୫୮	ବିପିସିଏଲ	ବିରିଡ଼ି	ବିରିଡ଼ି, ଗଡ଼କୁଜଙ୍ଗ	ଜଗତସିଂହପୁର	ଖୋଲା	ନାହିଁ
୧୩୩	୦୧.୦୪.୨୦୧୫, ୩୬୧	ବିପିସିଏଲ	ସତ୍ୟବାଦୀ	ସତ୍ୟବାଦୀ, ଦେଲାଙ୍ଗ	ପୁରୀ	ଅ.ଜାତି	୧
୧୩୪	୦୧.୦୪.୨୦୧୫, ୩୬୫	ବିପିସିଏଲ	ଚିଲିକା	ଚିଲିକା, ବାଲୁଗାଁ	ଖୋର୍ଦ୍ଧା	ମହିଳା	ନାହିଁ
୧୩୫	୦୧.୦୪.୨୦୧୫, ୩୬୮	ବିପିସିଏଲ	ମାହାଙ୍ଗା	ମାହାଙ୍ଗା, ନିଶ୍ଚିନ୍ତକୋଇଲି	କଟକ	ଅ.ଜ.ଜାତି	୨
୧୩୬	୦୧.୦୪.୨୦୧୫, ୩୭୨	ବିପିସିଏଲ	ନରସିଂହପୁର	ନରସିଂହପୁର, କଣପୁର	କଟକ	ସାଧାରଣ	ନାହିଁ
୧୩୭	୦୧.୦୪.୨୦୧୫, ୩୭୫	ବିପିସିଏଲ	କିଶୋରନଗର	କିଶୋରନଗର, ଛେଣ୍ଡିପଦା	ଅନୁଗୋଳ	ଖୋଲା	୧
୧୩୮	୦୧.୦୪.୨୦୧୫, ୩୭୯	ବିପିସିଏଲ	ଗୋଣ୍ଡିଆ	ଗୋଣ୍ଡିଆ, ଓଡ଼ପଡ଼ା	ଢେଙ୍କାନାଳ	ଅ.ଜାତି	ନାହିଁ
୧୩୯	୦୧.୦୪.୨୦୧୫, ୩୮୨	ବିପିସିଏଲ	କଙ୍କଡ଼ାହାଡ଼	କଙ୍କଡ଼ାହାଡ଼, ସଦର	ଢେଙ୍କାନାଳ	ମହିଳା	୨
୧୪୦	୦୧.୦୪.୨୦୧୫, ୩୮୬	ବିପିସିଏଲ	ବରପାଲି	ବରପାଲି, ଭେଡ଼େନ	ବରଗଡ଼	ଅ.ଜ.ଜାତି	ନାହିଁ
୧୪୧	୦୧.୦୪.୨୦୧୫, ୩୮୯	ବିପିସିଏଲ	ବୁର୍ଲା	ବୁର୍ଲା, ହୀରାକୁଦ	ସମ୍ବଲପୁର	ସାଧାରଣ	୧
୧୪୨	୦୧.୦୪.୨୦୧୫, ୩୯୩	ବିପିସିଏଲ	ପାଇକମାଳ	ପାଇକମାଳ, ମେଳଛାମୁଣ୍ଡା	ବରଗଡ଼	ଖୋଲା	ନାହିଁ
୧୪୩	୦୧.୦୪.୨୦୧୫, ୩୯୬	ବିପିସିଏଲ	ଗୋପାଳପୁର	ଗୋପାଳପୁର, ରଙ୍ଗେଇଲୁଣ୍ଡା	ଗଞ୍ଜାମ	ଅ.ଜାତି	୨
୧୪୪	୦୧.୦୪.୨୦୧୫, ୪୦୦	ବିପିସିଏଲ	ହିଞ୍ଜିଳିକାଟୁ	ହିଞ୍ଜିଳିକାଟୁ, ଶେରଗଡ଼	ଗଞ୍ଜାମ	ମହିଳା	ନାହିଁ
୧୪୫	୦୧.୦୪.୨୦୧୫, ୪୦୩	ବିପିସିଏଲ	ବେଲଗୁଣ୍ଠା	ବେଲଗୁଣ୍ଠା, ଜଗନ୍ନାଥପ୍ରସାଦ	ଗଞ୍ଜାମ	ଅ.ଜ.ଜାତି	୧
ଏହି ବିଜ୍ଞାପନ ଅନ୍ତର୍ଗତ ଉପରୋକ୍ତ ସ୍ଥାନଗୁଡ଼ିକ ପାଇଁ ଆବେଦନ କରିଥିବା ପ୍ରାର୍ଥୀମାନଙ୍କୁ ଆବେଦନ ଫି ଫେରସ୍ତ ପ୍ରକ୍ରିୟା ସମ୍ପର୍କିତ ଅଧିକ ବିବରଣୀ ପାଇଁ ସମ୍ପୃକ୍ତ ତୈଳ କମ୍ପାନୀର ୱେବସାଇଟ୍ ଦେଖିବାକୁ ଅନୁରୋଧ କରାଯାଉଅଛି । ତା.୦୧.୦୪.୨୦୧୫ ବିଜ୍ଞାପନ ସମ୍ବନ୍ଧିତ ଅନ୍ୟାନ୍ୟ ସ୍ଥାନଗୁଡ଼ିକ ପାଇଁ ନିଯୁକ୍ତି ପ୍ରକ୍ରିୟା ଯଥାରୀତି ଚାଲୁ ରହିବ ।							
